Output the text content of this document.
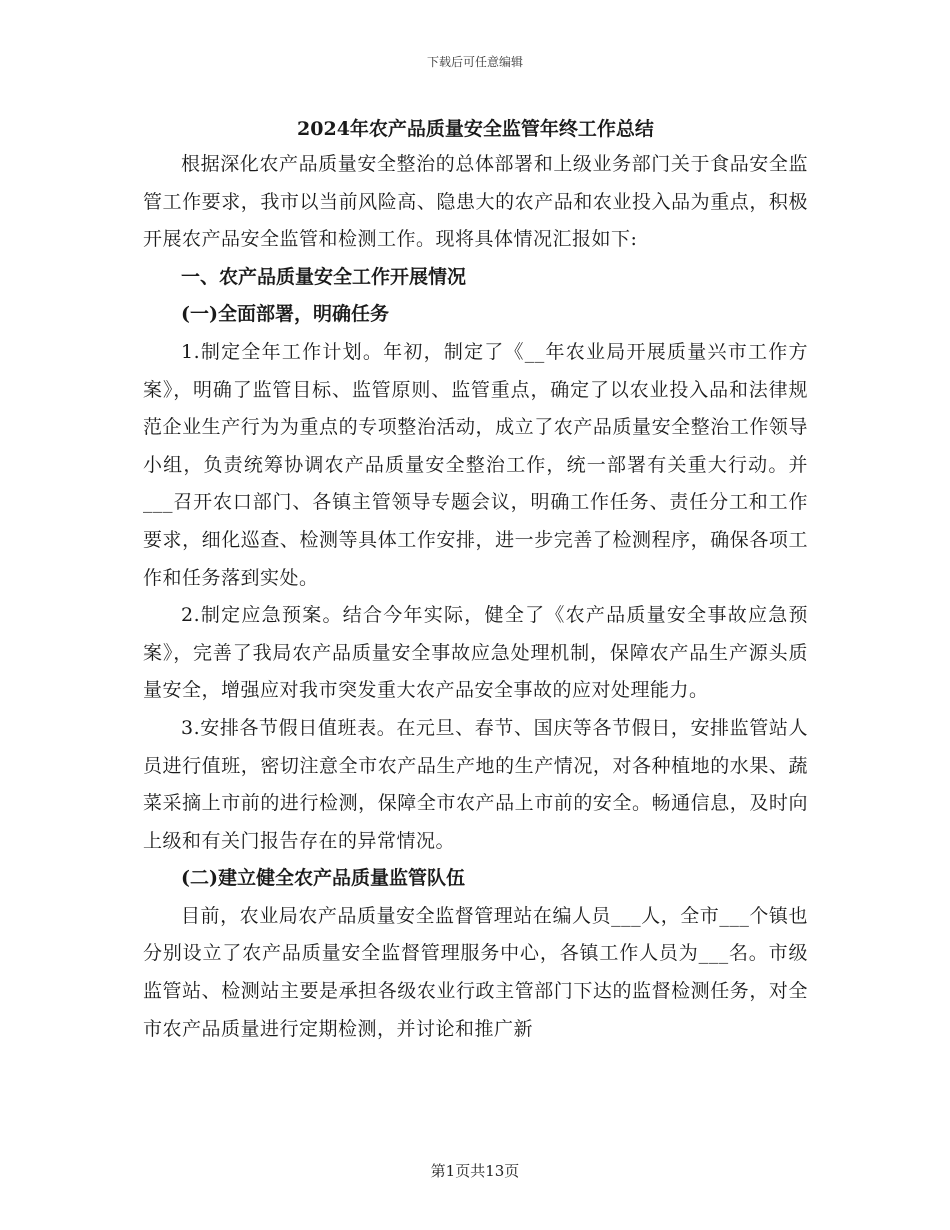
下载后可任意编辑
2024年农产品质量安全监管年终工作总结

根据深化农产品质量安全整治的总体部署和上级业务部门关于食品安全监管工作要求，我市以当前风险高、隐患大的农产品和农业投入品为重点，积极开展农产品安全监管和检测工作。现将具体情况汇报如下:

一、农产品质量安全工作开展情况

(一)全面部署，明确任务

1.制定全年工作计划。年初，制定了《__年农业局开展质量兴市工作方案》，明确了监管目标、监管原则、监管重点，确定了以农业投入品和法律规范企业生产行为为重点的专项整治活动，成立了农产品质量安全整治工作领导小组，负责统筹协调农产品质量安全整治工作，统一部署有关重大行动。并___召开农口部门、各镇主管领导专题会议，明确工作任务、责任分工和工作要求，细化巡查、检测等具体工作安排，进一步完善了检测程序，确保各项工作和任务落到实处。

2.制定应急预案。结合今年实际，健全了《农产品质量安全事故应急预案》，完善了我局农产品质量安全事故应急处理机制，保障农产品生产源头质量安全，增强应对我市突发重大农产品安全事故的应对处理能力。

3.安排各节假日值班表。在元旦、春节、国庆等各节假日，安排监管站人员进行值班，密切注意全市农产品生产地的生产情况，对各种植地的水果、蔬菜采摘上市前的进行检测，保障全市农产品上市前的安全。畅通信息，及时向上级和有关门报告存在的异常情况。

(二)建立健全农产品质量监管队伍

目前，农业局农产品质量安全监督管理站在编人员___人，全市___个镇也分别设立了农产品质量安全监督管理服务中心，各镇工作人员为___名。市级监管站、检测站主要是承担各级农业行政主管部门下达的监督检测任务，对全市农产品质量进行定期检测，并讨论和推广新

第1页共13页
